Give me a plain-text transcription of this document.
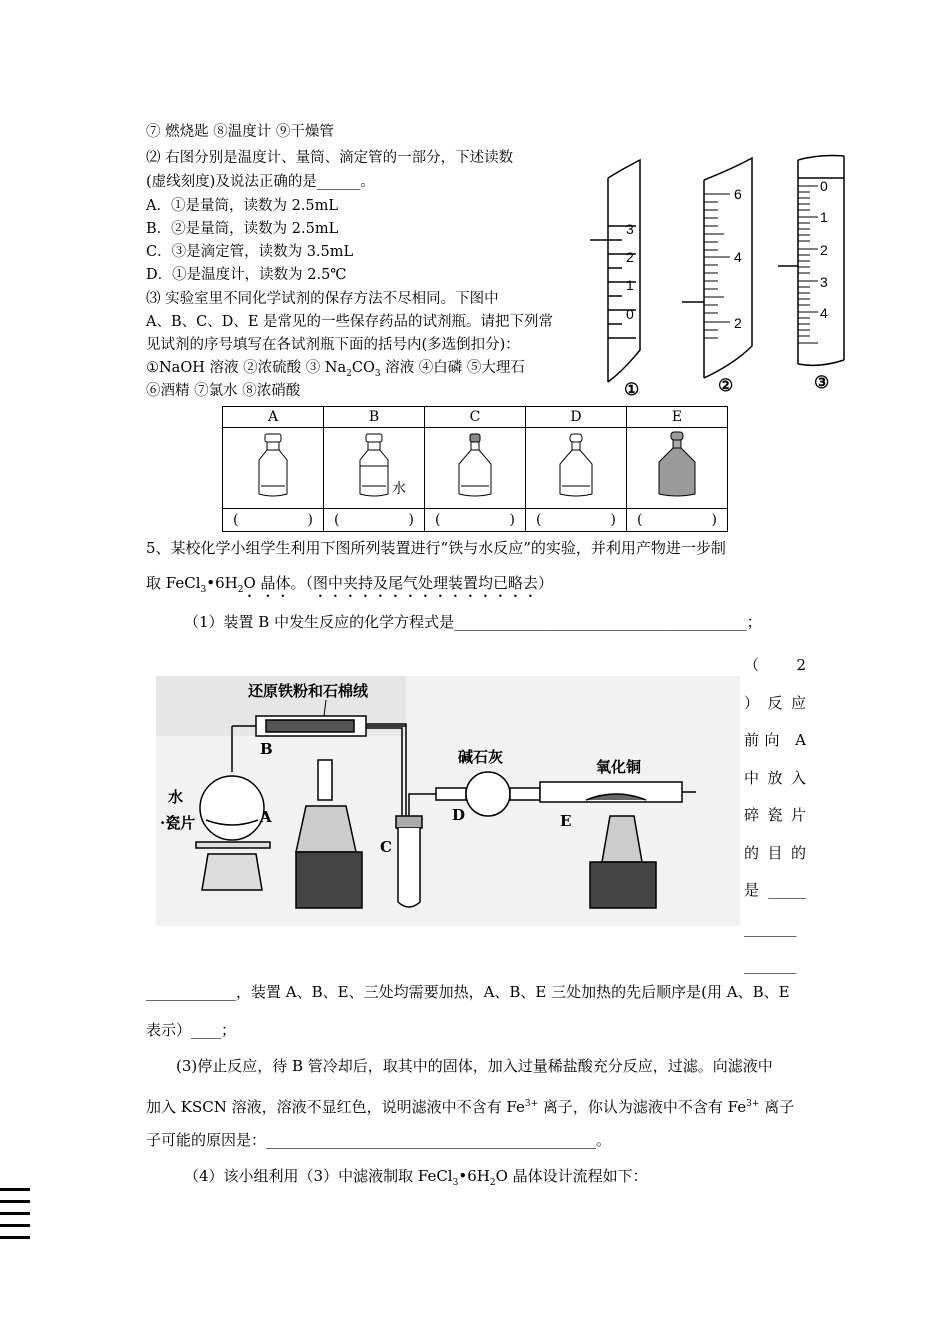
⑦ 燃烧匙 ⑧温度计 ⑨干燥管
⑵ 右图分别是温度计、量筒、滴定管的一部分，下述读数
(虚线刻度)及说法正确的是______。
A．①是量筒，读数为 2.5mL
B．②是量筒，读数为 2.5mL
C．③是滴定管，读数为 3.5mL
D．①是温度计，读数为 2.5℃
⑶ 实验室里不同化学试剂的保存方法不尽相同。下图中
A、B、C、D、E 是常见的一些保存药品的试剂瓶。请把下列常
见试剂的序号填写在各试剂瓶下面的括号内(多选倒扣分)：
①NaOH 溶液 ②浓硫酸 ③ $Na_2CO_3$ 溶液 ④白磷 ⑤大理石
⑥酒精 ⑦氯水 ⑧浓硝酸
3
2
1
0
6
4
2
0
1
2
3
4
①	②	③
A	B	C	D	E

水

( )	( )	( )	( )	( )
5、某校化学小组学生利用下图所列装置进行“铁与水反应”的实验，并利用产物进一步制
取 $FeCl_3•6H_2O$ 晶体。（图中夹持及尾气处理装置均已略去）
（1）装置 B 中发生反应的化学方程式是_______________________________________；
（2
）反应
前向 A
中放入
碎瓷片
的目的
是_____
_______
_______
还原铁粉和石棉绒
B
水
·瓷片	A
C
碱石灰
D
氧化铜
E
____________，装置 A、B、E、三处均需要加热，A、B、E 三处加热的先后顺序是(用 A、B、E
表示）____；
(3)停止反应，待 B 管冷却后，取其中的固体，加入过量稀盐酸充分反应，过滤。向滤液中
加入 KSCN 溶液，溶液不显红色，说明滤液中不含有 $Fe^{3+}$ 离子，你认为滤液中不含有 $Fe^{3+}$ 离子
子可能的原因是：____________________________________________。
（4）该小组利用（3）中滤液制取 $FeCl_3•6H_2O$ 晶体设计流程如下：
